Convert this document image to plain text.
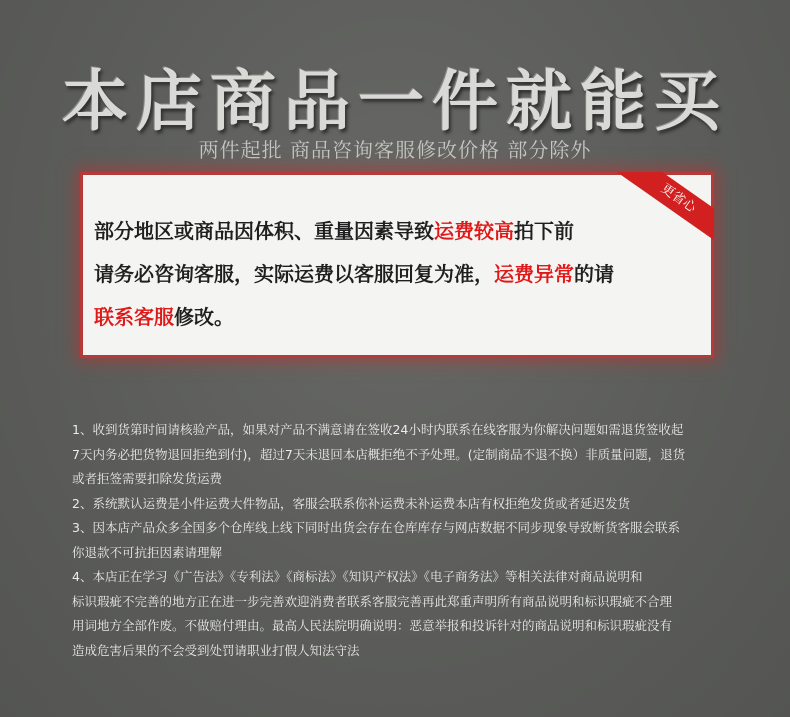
本店商品一件就能买
两件起批 商品咨询客服修改价格 部分除外
更省心
部分地区或商品因体积、重量因素导致运费较高拍下前
请务必咨询客服，实际运费以客服回复为准，运费异常的请
联系客服修改。

1、收到货第时间请核验产品，如果对产品不满意请在签收24小时内联系在线客服为你解决问题如需退货签收起

7天内务必把货物退回拒绝到付)，超过7天未退回本店概拒绝不予处理。(定制商品不退不换）非质量问题，退货

或者拒签需要扣除发货运费

2、系统默认运费是小件运费大件物品，客服会联系你补运费未补运费本店有权拒绝发货或者延迟发货

3、因本店产品众多全国多个仓库线上线下同时出货会存在仓库库存与网店数据不同步现象导致断货客服会联系

你退款不可抗拒因素请理解

4、本店正在学习《广告法》《专利法》《商标法》《知识产权法》《电子商务法》等相关法律对商品说明和

标识瑕疵不完善的地方正在进一步完善欢迎消费者联系客服完善再此郑重声明所有商品说明和标识瑕疵不合理

用词地方全部作废。不做赔付理由。最高人民法院明确说明：恶意举报和投诉针对的商品说明和标识瑕疵没有

造成危害后果的不会受到处罚请职业打假人知法守法
